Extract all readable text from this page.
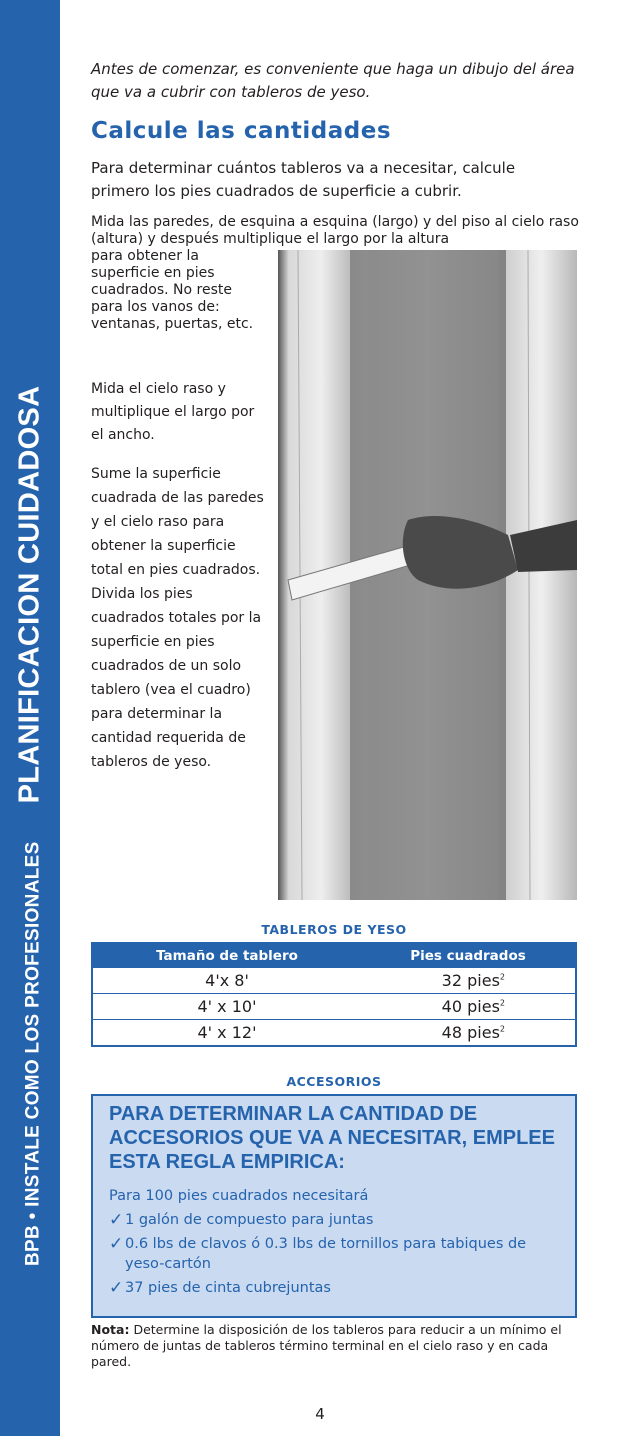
BPB • INSTALE COMO LOS PROFESIONALESPLANIFICACION CUIDADOSA

Antes de comenzar, es conveniente que haga un dibujo del área que va a cubrir con tableros de yeso.

Calcule las cantidades

Para determinar cuántos tableros va a necesitar, calcule primero los pies cuadrados de superficie a cubrir.

Mida las paredes, de esquina a esquina (largo) y del piso al cielo raso (altura) y después multiplique el largo por la altura

para obtener la superficie en pies cuadrados. No reste para los vanos de: ventanas, puertas, etc.

Mida el cielo raso y multiplique el largo por el ancho.

Sume la superficie cuadrada de las paredes y el cielo raso para obtener la superficie total en pies cuadrados. Divida los pies cuadrados totales por la superficie en pies cuadrados de un solo tablero (vea el cuadro) para determinar la cantidad requerida de tableros de yeso.

TABLEROS DE YESO
Tamaño de tablero	Pies cuadrados
4'x 8'	32 pies$^2$
4' x 10'	40 pies$^2$
4' x 12'	48 pies$^2$
ACCESORIOS
PARA DETERMINAR LA CANTIDAD DE ACCESORIOS QUE VA A NECESITAR, EMPLEE ESTA REGLA EMPIRICA:

Para 100 pies cuadrados necesitará

✓ 1 galón de compuesto para juntas
✓ 0.6 lbs de clavos ó 0.3 lbs de tornillos para tabiques de yeso-cartón
✓ 37 pies de cinta cubrejuntas

Nota: Determine la disposición de los tableros para reducir a un mínimo el número de juntas de tableros término terminal en el cielo raso y en cada pared.

4
